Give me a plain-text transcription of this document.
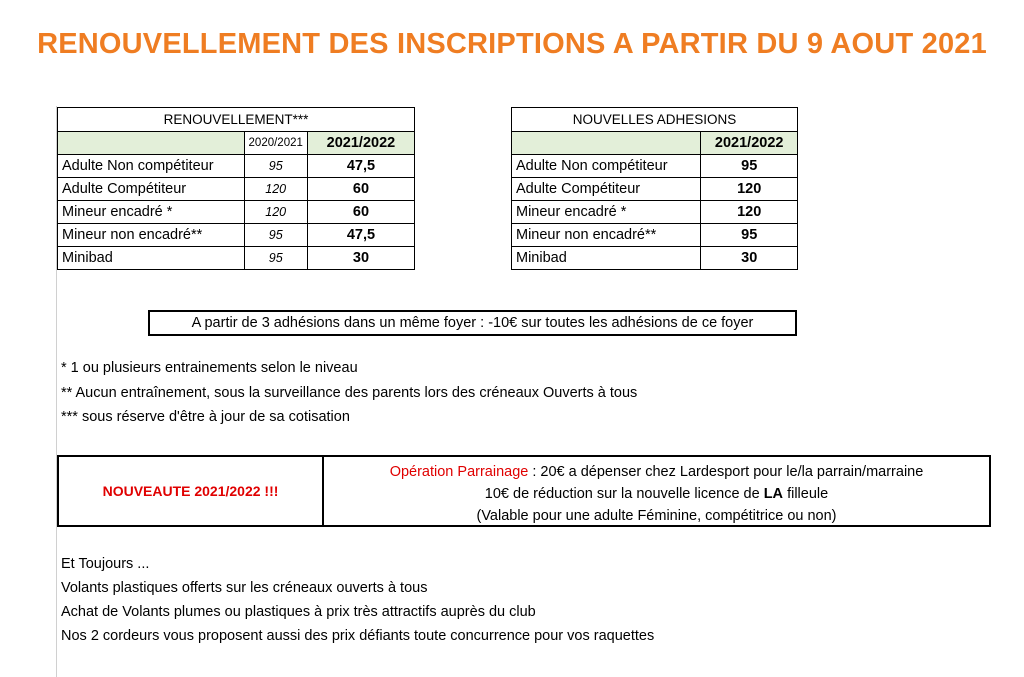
RENOUVELLEMENT DES INSCRIPTIONS A PARTIR DU 9 AOUT 2021
RENOUVELLEMENT***		
	2020/2021	2021/2022
Adulte Non compétiteur	95	47,5
Adulte Compétiteur	120	60
Mineur encadré *	120	60
Mineur non encadré**	95	47,5
Minibad	95	30
NOUVELLES ADHESIONS	
	2021/2022
Adulte Non compétiteur	95
Adulte Compétiteur	120
Mineur encadré *	120
Mineur non encadré**	95
Minibad	30
A partir de 3 adhésions dans un même foyer : -10€ sur toutes les adhésions de ce foyer
* 1 ou plusieurs entrainements selon le niveau
** Aucun entraînement, sous la surveillance des parents lors des créneaux Ouverts à tous
*** sous réserve d'être à jour de sa cotisation
NOUVEAUTE 2021/2022 !!!
Opération Parrainage : 20€ a dépenser chez Lardesport pour le/la parrain/marraine
10€ de réduction sur la nouvelle licence de LA filleule
(Valable pour une adulte Féminine, compétitrice ou non)
Et Toujours ...
Volants plastiques offerts sur les créneaux ouverts à tous
Achat de Volants plumes ou plastiques à prix très attractifs auprès du club
Nos 2 cordeurs vous proposent aussi des prix défiants toute concurrence pour vos raquettes
